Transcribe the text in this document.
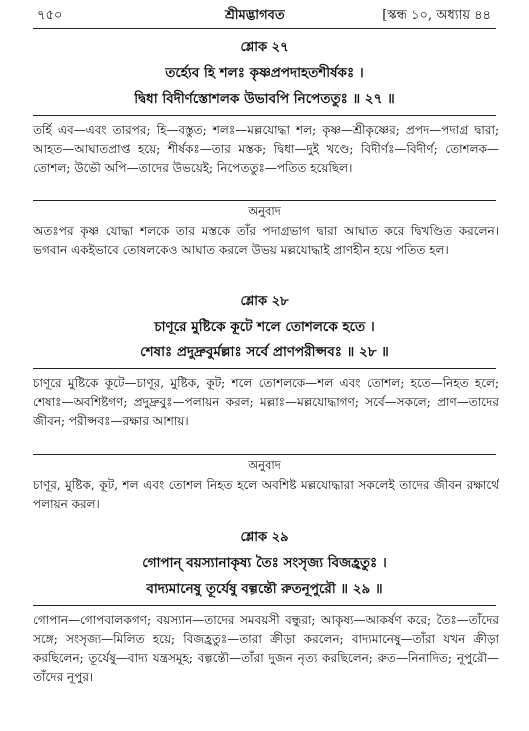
৭৫০	শ্রীমদ্ভাগবত	[স্কন্ধ ১০, অধ্যায় ৪৪
শ্লোক ২৭
তর্হ্যেব হি শলঃ কৃষ্ণপ্রপদাহতশীর্ষকঃ ।
দ্বিধা বিদীর্ণস্তোশলক উভাবপি নিপেততুঃ ॥ ২৭ ॥
তর্হি এব—এবং তারপর; হি—বস্তুত; শলঃ—মল্লযোদ্ধা শল; কৃষ্ণ—শ্রীকৃষ্ণের; প্রপদ—পদাগ্র দ্বারা; আহত—আঘাতপ্রাপ্ত হয়ে; শীর্ষকঃ—তার মস্তক; দ্বিধা—দুই খণ্ডে; বিদীর্ণঃ—বিদীর্ণ; তোশলক—তোশল; উভৌ অপি—তাদের উভয়েই; নিপেততুঃ—পতিত হয়েছিল।
অনুবাদ
অতঃপর কৃষ্ণ যোদ্ধা শলকে তার মস্তকে তাঁর পদাগ্রভাগ দ্বারা আঘাত করে দ্বিখণ্ডিত করলেন। ভগবান একইভাবে তোষলকেও আঘাত করলে উভয় মল্লযোদ্ধাই প্রাণহীন হয়ে পতিত হল।
শ্লোক ২৮
চাণূরে মুষ্টিকে কূটে শলে তোশলকে হতে ।
শেষাঃ প্রদুদ্রুবুর্মল্লাঃ সর্বে প্রাণপরীপ্সবঃ ॥ ২৮ ॥
চাণূরে মুষ্টিকে কূটে—চাণূর, মুষ্টিক, কূট; শলে তোশলকে—শল এবং তোশল; হতে—নিহত হলে; শেষাঃ—অবশিষ্টগণ; প্রদুদ্রুবুঃ—পলায়ন করল; মল্লাঃ—মল্লযোদ্ধাগণ; সর্বে—সকলে; প্রাণ—তাদের জীবন; পরীপ্সবঃ—রক্ষার আশায়।
অনুবাদ
চাণূর, মুষ্টিক, কূট, শল এবং তোশল নিহত হলে অবশিষ্ট মল্লযোদ্ধারা সকলেই তাদের জীবন রক্ষার্থে পলায়ন করল।
শ্লোক ২৯
গোপান্ বয়স্যানাকৃষ্য তৈঃ সংসৃজ্য বিজহ্রতুঃ ।
বাদ্যমানেষু তূর্যেষু বল্গন্তৌ রুতনূপুরৌ ॥ ২৯ ॥
গোপান—গোপবালকগণ; বয়স্যান—তাদের সমবয়সী বন্ধুরা; আকৃষ্য—আকর্ষণ করে; তৈঃ—তাঁদের সঙ্গে; সংসৃজ্য—মিলিত হয়ে; বিজহ্রতুঃ—তারা ক্রীড়া করলেন; বাদ্যমানেষু—তাঁরা যখন ক্রীড়া করছিলেন; তূর্যেষু—বাদ্য যন্ত্রসমূহ; বল্গন্তৌ—তাঁরা দুজন নৃত্য করছিলেন; রুত—নিনাদিত; নূপুরৌ—তাঁদের নূপুর।
